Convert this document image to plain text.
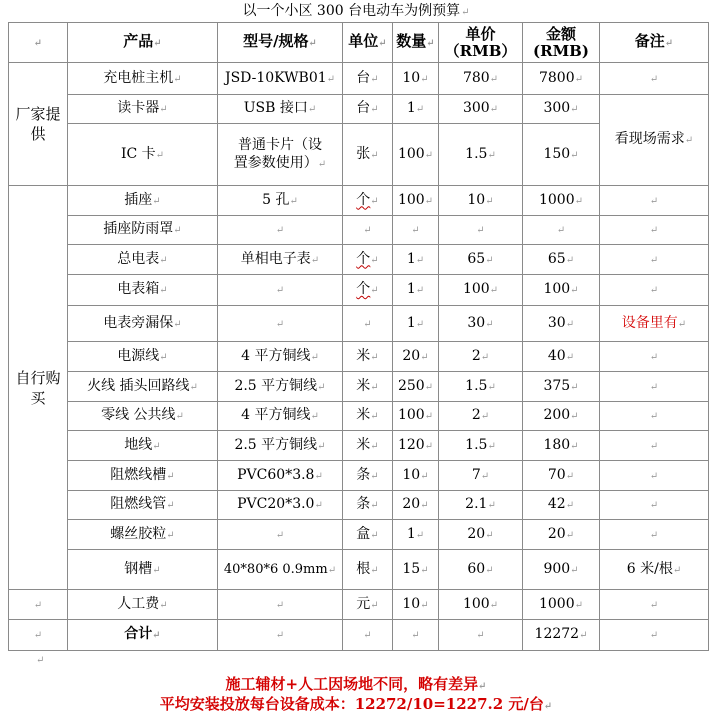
以一个小区 300 台电动车为例预算↵
↵	产品↵	型号/规格↵	单位↵	数量↵	单价（RMB）	金额(RMB)	备注↵
厂家提供	充电桩主机↵	JSD-10KWB01↵	台↵	10↵	780↵	7800↵	↵
	读卡器↵	USB 接口↵	台↵	1↵	300↵	300↵	看现场需求↵
	IC 卡↵	普通卡片（设置参数使用）↵	张↵	100↵	1.5↵	150↵	
自行购买	插座↵	5 孔↵	个↵	100↵	10↵	1000↵	↵
	插座防雨罩↵	↵	↵	↵	↵	↵	↵
	总电表↵	单相电子表↵	个↵	1↵	65↵	65↵	↵
	电表箱↵	↵	个↵	1↵	100↵	100↵	↵
	电表旁漏保↵	↵	↵	1↵	30↵	30↵	设备里有↵
	电源线↵	4 平方铜线↵	米↵	20↵	2↵	40↵	↵
	火线 插头回路线↵	2.5 平方铜线↵	米↵	250↵	1.5↵	375↵	↵
	零线 公共线↵	4 平方铜线↵	米↵	100↵	2↵	200↵	↵
	地线↵	2.5 平方铜线↵	米↵	120↵	1.5↵	180↵	↵
	阻燃线槽↵	PVC60*3.8↵	条↵	10↵	7↵	70↵	↵
	阻燃线管↵	PVC20*3.0↵	条↵	20↵	2.1↵	42↵	↵
	螺丝胶粒↵	↵	盒↵	1↵	20↵	20↵	↵
	钢槽↵	40*80*6 0.9mm↵	根↵	15↵	60↵	900↵	6 米/根↵
↵	人工费↵	↵	元↵	10↵	100↵	1000↵	↵
↵	合计↵	↵	↵	↵	↵	12272↵	↵
↵
施工辅材+人工因场地不同，略有差异↵
平均安装投放每台设备成本：12272/10=1227.2 元/台↵
